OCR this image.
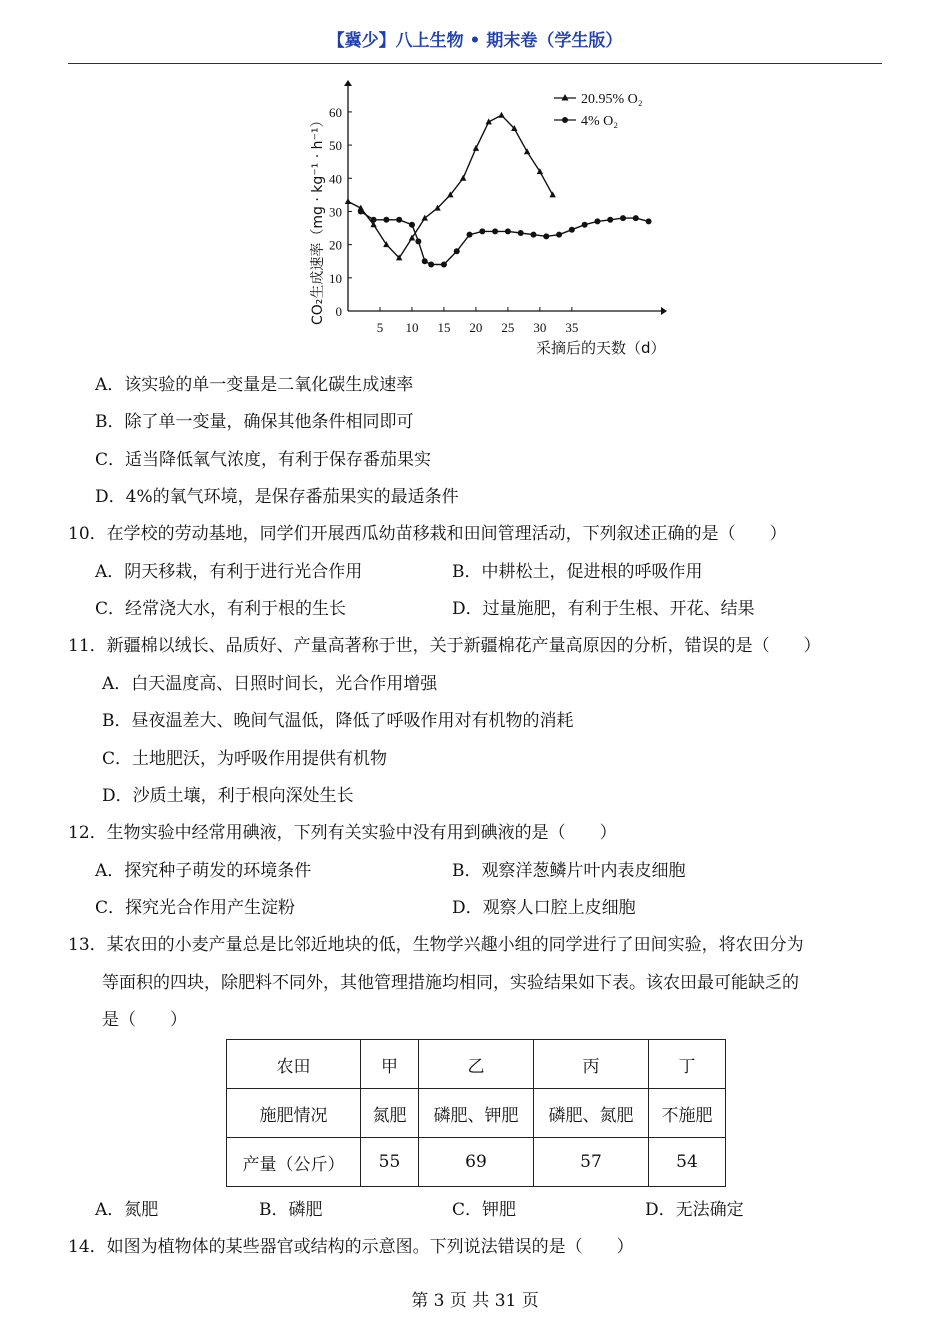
【冀少】八上生物 • 期末卷（学生版）
0
10
20
30
40
50
60
5 10 15 20 25 30 35
CO₂生成速率（mg · kg⁻¹ · h⁻¹）
采摘后的天数（d）
20.95% O₂
4% O₂
A．该实验的单一变量是二氧化碳生成速率
B．除了单一变量，确保其他条件相同即可
C．适当降低氧气浓度，有利于保存番茄果实
D．4%的氧气环境，是保存番茄果实的最适条件
10．在学校的劳动基地，同学们开展西瓜幼苗移栽和田间管理活动，下列叙述正确的是（　　）
A．阴天移栽，有利于进行光合作用	B．中耕松土，促进根的呼吸作用
C．经常浇大水，有利于根的生长	D．过量施肥，有利于生根、开花、结果
11．新疆棉以绒长、品质好、产量高著称于世，关于新疆棉花产量高原因的分析，错误的是（　　）
A．白天温度高、日照时间长，光合作用增强
B．昼夜温差大、晚间气温低，降低了呼吸作用对有机物的消耗
C．土地肥沃，为呼吸作用提供有机物
D．沙质土壤，利于根向深处生长
12．生物实验中经常用碘液，下列有关实验中没有用到碘液的是（　　）
A．探究种子萌发的环境条件	B．观察洋葱鳞片叶内表皮细胞
C．探究光合作用产生淀粉	D．观察人口腔上皮细胞
13．某农田的小麦产量总是比邻近地块的低，生物学兴趣小组的同学进行了田间实验，将农田分为
等面积的四块，除肥料不同外，其他管理措施均相同，实验结果如下表。该农田最可能缺乏的
是（　　）
农田	甲	乙	丙	丁
施肥情况	氮肥	磷肥、钾肥	磷肥、氮肥	不施肥
产量（公斤）	55	69	57	54
A．氮肥	B．磷肥	C．钾肥	D．无法确定
14．如图为植物体的某些器官或结构的示意图。下列说法错误的是（　　）
第 3 页 共 31 页
